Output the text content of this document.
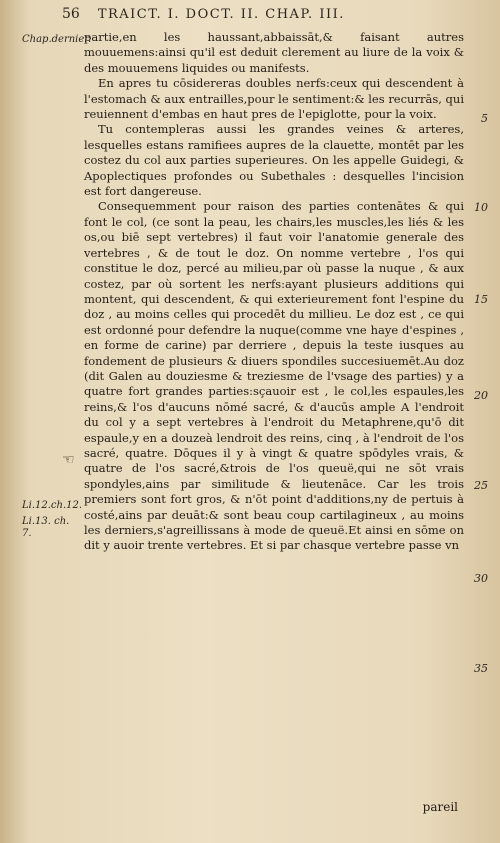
56 TRAICT. I. DOCT. II. CHAP. III.
Chap.dernier.
Li.12.ch.12.
Li.13. ch. 7.
☜
5
10
15
20
25
30
35

partie,en les haussant,abbaissāt,& faisant autres mouuemens:ainsi qu'il est deduit clerement au liure de la voix & des mouuemens liquides ou manifests.

En apres tu cōsidereras doubles nerfs:ceux qui descendent à l'estomach & aux entrailles,pour le sentiment:& les recurrās, qui reuiennent d'embas en haut pres de l'epiglotte, pour la voix.

Tu contempleras aussi les grandes veines & arteres, lesquelles estans ramifiees aupres de la clauette, montēt par les costez du col aux parties superieures. On les appelle Guidegi, & Apoplectiques profondes ou Subethales : desquelles l'incision est fort dangereuse.

Consequemment pour raison des parties contenātes & qui font le col, (ce sont la peau, les chairs,les muscles,les liés & les os,ou biē sept vertebres) il faut voir l'anatomie generale des vertebres , & de tout le doz. On nomme vertebre , l'os qui constitue le doz, percé au milieu,par où passe la nuque , & aux costez, par où sortent les nerfs:ayant plusieurs additions qui montent, qui descendent, & qui exterieurement font l'espine du doz , au moins celles qui procedēt du millieu. Le doz est , ce qui est ordonné pour defendre la nuque(comme vne haye d'espines , en forme de carine) par derriere , depuis la teste iusques au fondement de plusieurs & diuers spondiles succesiuemēt.Au doz (dit Galen au douziesme & treziesme de l'vsage des parties) y a quatre fort grandes parties:sçauoir est , le col,les espaules,les reins,& l'os d'aucuns nōmé sacré, & d'aucūs ample A l'endroit du col y a sept vertebres à l'endroit du Metaphrene,qu'ō dit espaule,y en a douzeà lendroit des reins, cinq , à l'endroit de l'os sacré, quatre. Dōques il y à vingt & quatre spōdyles vrais, & quatre de l'os sacré,&trois de l'os queuë,qui ne sōt vrais spondyles,ains par similitude & lieutenāce. Car les trois premiers sont fort gros, & n'ōt point d'additions,ny de pertuis à costé,ains par deuāt:& sont beau coup cartilagineux , au moins les derniers,s'agreillissans à mode de queuë.Et ainsi en sōme on dit y auoir trente vertebres. Et si par chasque vertebre passe vn

pareil
